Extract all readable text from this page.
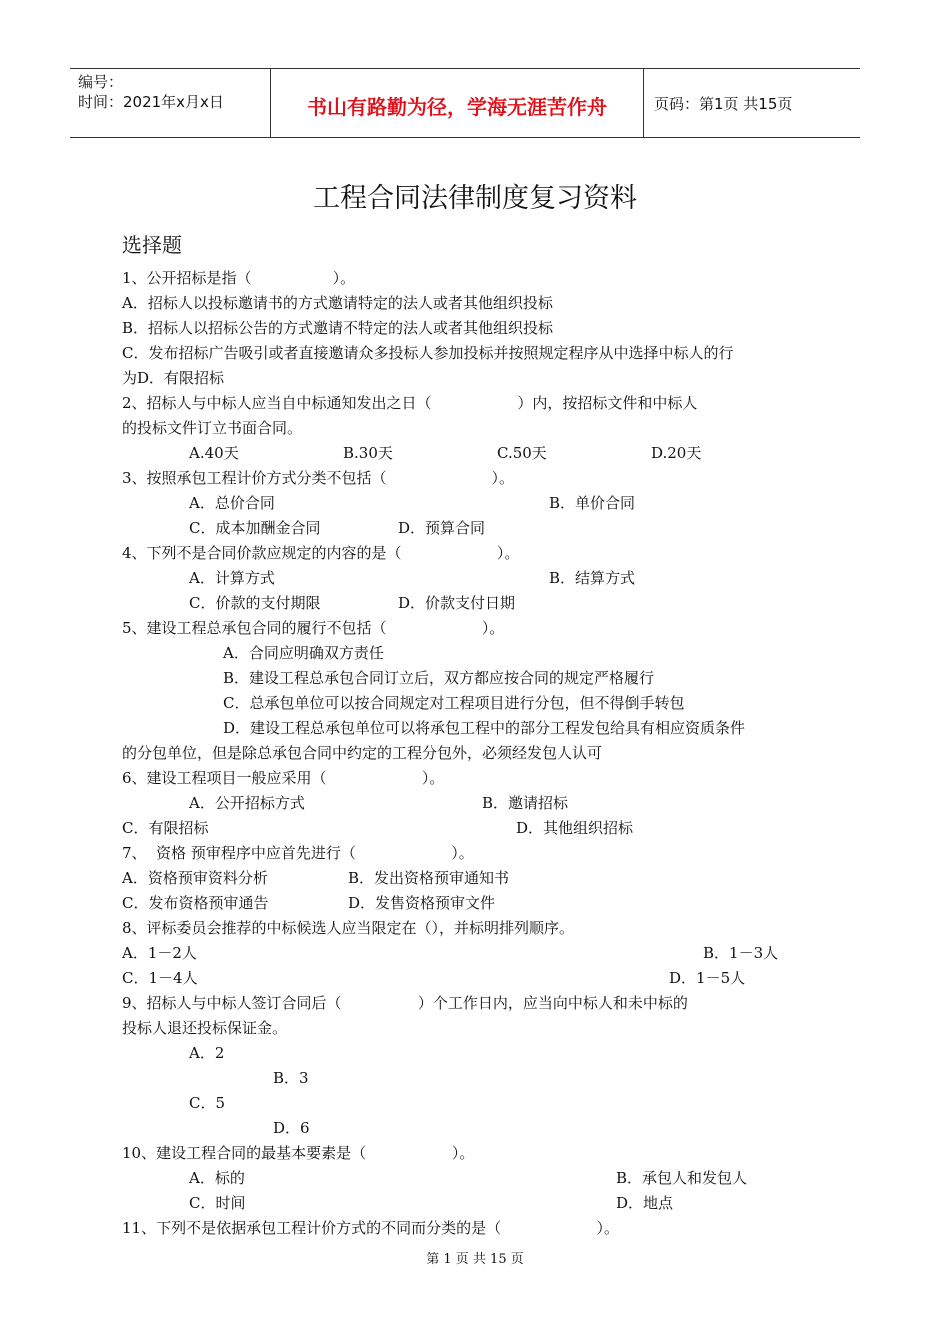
编号：
时间：2021年x月x日	书山有路勤为径，学海无涯苦作舟	页码：第1页 共15页
工程合同法律制度复习资料
选择题
1、公开招标是指（                 ）。
A．招标人以投标邀请书的方式邀请特定的法人或者其他组织投标
B．招标人以招标公告的方式邀请不特定的法人或者其他组织投标
C．发布招标广告吸引或者直接邀请众多投标人参加投标并按照规定程序从中选择中标人的行
为D．有限招标
2、招标人与中标人应当自中标通知发出之日（                  ）内，按招标文件和中标人
的投标文件订立书面合同。
A.40天	B.30天	C.50天	D.20天
3、按照承包工程计价方式分类不包括（                      ）。
A．总价合同	B．单价合同
C．成本加酬金合同	D．预算合同
4、下列不是合同价款应规定的内容的是（                    ）。
A．计算方式	B．结算方式
C．价款的支付期限	D．价款支付日期
5、建设工程总承包合同的履行不包括（                    ）。
A．合同应明确双方责任
B．建设工程总承包合同订立后，双方都应按合同的规定严格履行
C．总承包单位可以按合同规定对工程项目进行分包，但不得倒手转包
D．建设工程总承包单位可以将承包工程中的部分工程发包给具有相应资质条件
的分包单位，但是除总承包合同中约定的工程分包外，必须经发包人认可
6、建设工程项目一般应采用（                    ）。
A．公开招标方式	B．邀请招标
C．有限招标	D．其他组织招标
7、  资格 预审程序中应首先进行（                    ）。
A．资格预审资料分析	B．发出资格预审通知书
C．发布资格预审通告	D．发售资格预审文件
8、评标委员会推荐的中标候选人应当限定在（），并标明排列顺序。
A．1－2人	B．1－3人
C．1－4人	D．1－5人
9、招标人与中标人签订合同后（                ）个工作日内，应当向中标人和未中标的
投标人退还投标保证金。
A．2
B．3
C．5
D．6
10、建设工程合同的最基本要素是（                  ）。
A．标的	B．承包人和发包人
C．时间	D．地点
11、下列不是依据承包工程计价方式的不同而分类的是（                    ）。
第 1 页 共 15 页
